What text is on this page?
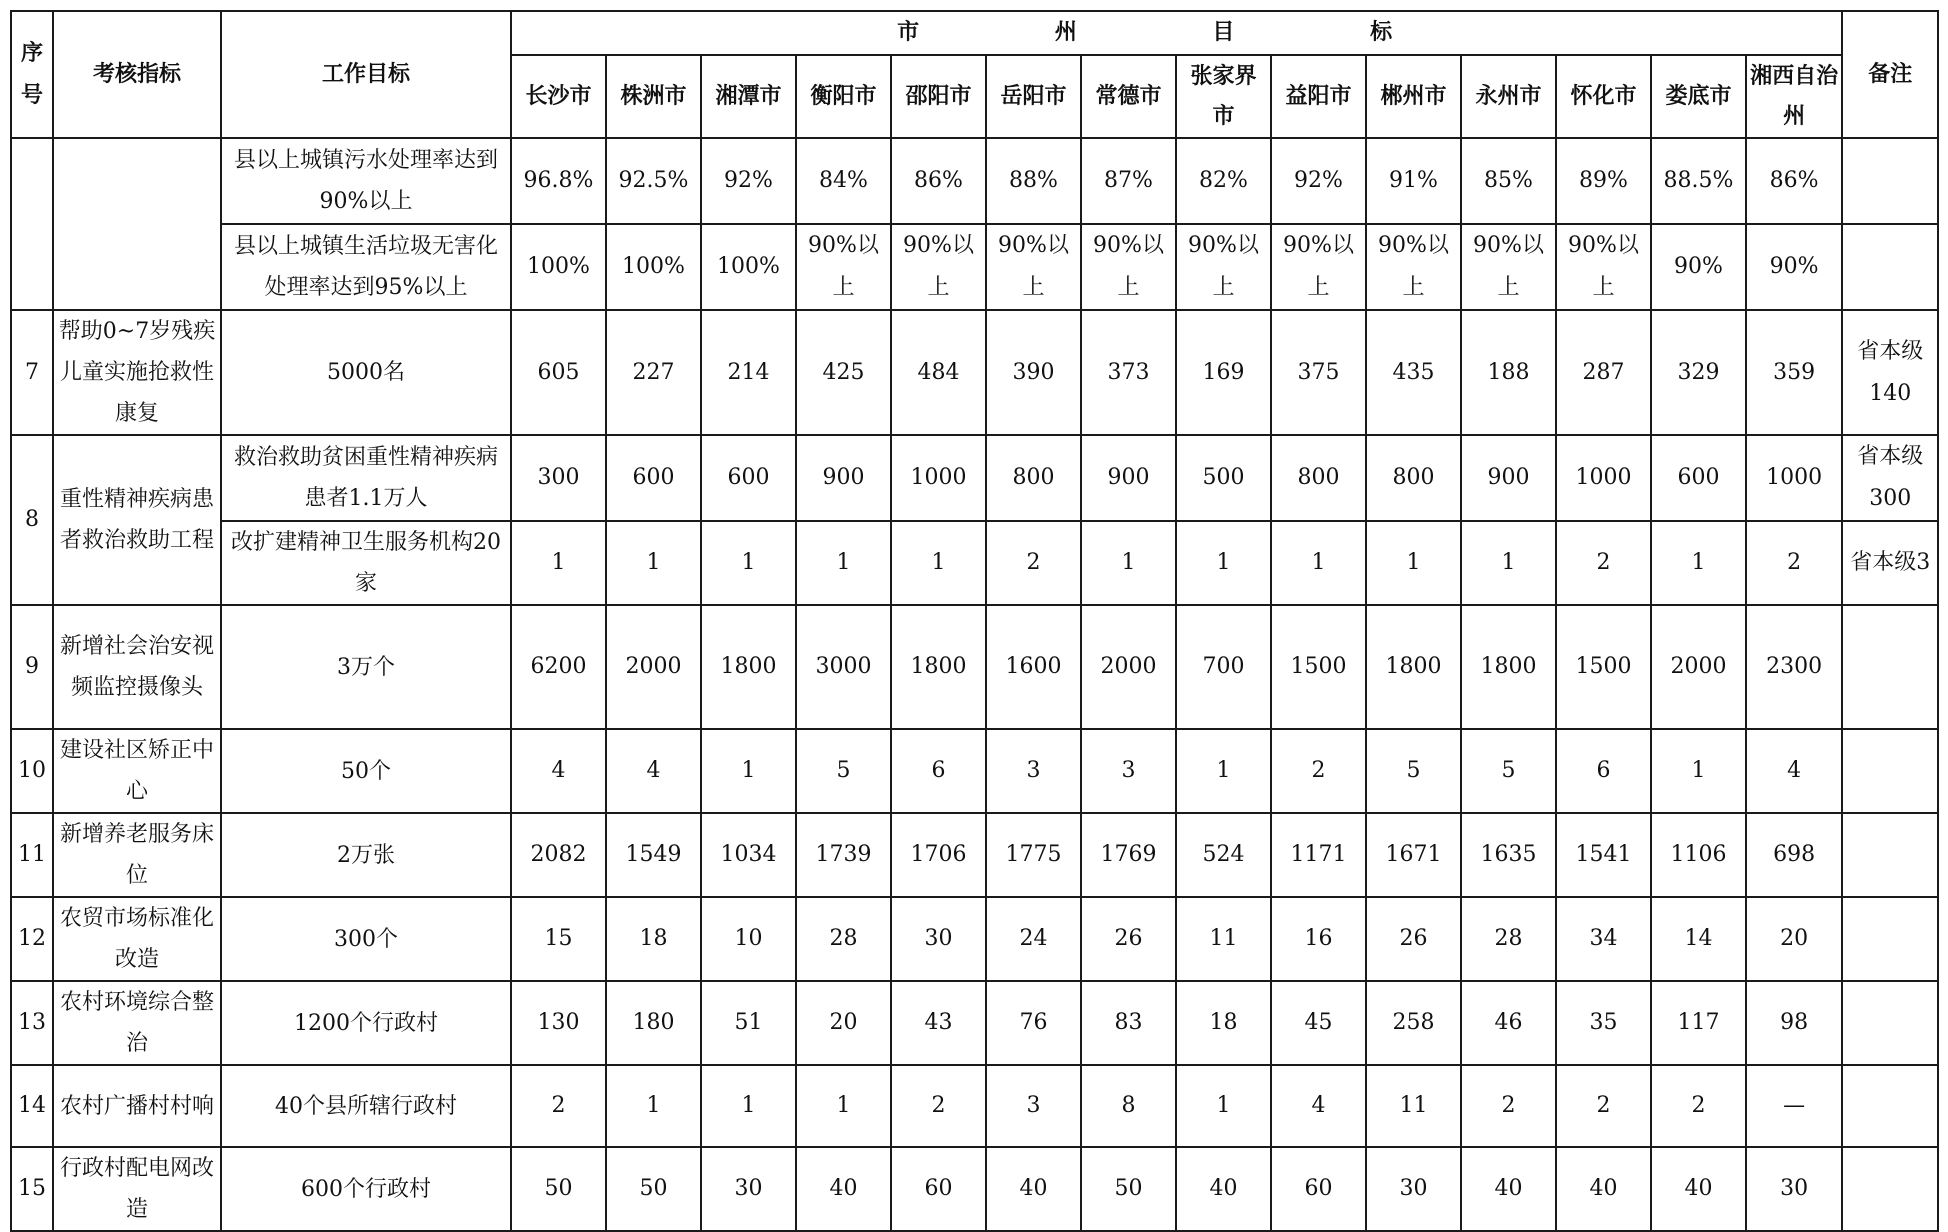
序号	考核指标	工作目标	市 州 目 标														备注
			长沙市	株洲市	湘潭市	衡阳市	邵阳市	岳阳市	常德市	张家界市	益阳市	郴州市	永州市	怀化市	娄底市	湘西自治州	
		县以上城镇污水处理率达到90%以上	96.8%	92.5%	92%	84%	86%	88%	87%	82%	92%	91%	85%	89%	88.5%	86%	
		县以上城镇生活垃圾无害化处理率达到95%以上	100%	100%	100%	90%以上	90%以上	90%以上	90%以上	90%以上	90%以上	90%以上	90%以上	90%以上	90%	90%	
7	帮助0~7岁残疾儿童实施抢救性康复	5000名	605	227	214	425	484	390	373	169	375	435	188	287	329	359	省本级140
8	重性精神疾病患者救治救助工程	救治救助贫困重性精神疾病患者1.1万人	300	600	600	900	1000	800	900	500	800	800	900	1000	600	1000	省本级300
		改扩建精神卫生服务机构20家	1	1	1	1	1	2	1	1	1	1	1	2	1	2	省本级3
9	新增社会治安视频监控摄像头	3万个	6200	2000	1800	3000	1800	1600	2000	700	1500	1800	1800	1500	2000	2300	
10	建设社区矫正中心	50个	4	4	1	5	6	3	3	1	2	5	5	6	1	4	
11	新增养老服务床位	2万张	2082	1549	1034	1739	1706	1775	1769	524	1171	1671	1635	1541	1106	698	
12	农贸市场标准化改造	300个	15	18	10	28	30	24	26	11	16	26	28	34	14	20	
13	农村环境综合整治	1200个行政村	130	180	51	20	43	76	83	18	45	258	46	35	117	98	
14	农村广播村村响	40个县所辖行政村	2	1	1	1	2	3	8	1	4	11	2	2	2	—	
15	行政村配电网改造	600个行政村	50	50	30	40	60	40	50	40	60	30	40	40	40	30	
